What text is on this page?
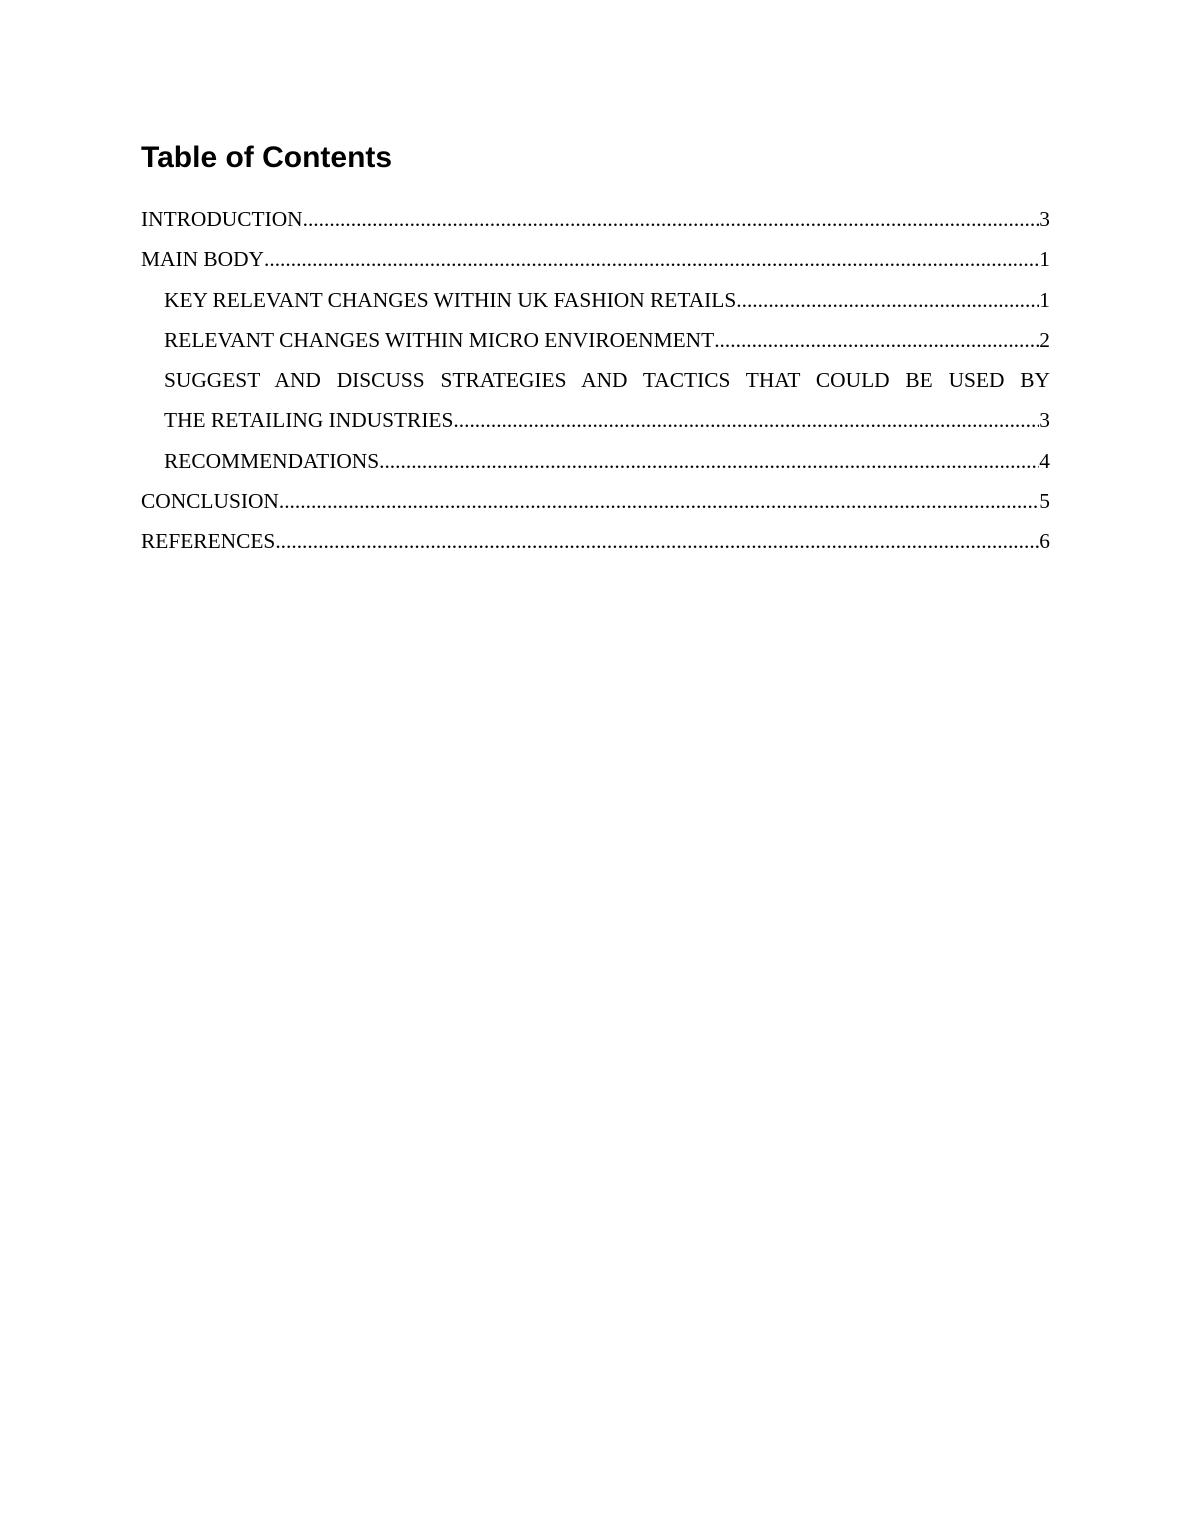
Table of Contents
INTRODUCTION .....	3
MAIN BODY .....	1
KEY RELEVANT CHANGES WITHIN UK FASHION RETAILS .....	1
RELEVANT CHANGES WITHIN MICRO ENVIROENMENT .....	2
SUGGEST AND DISCUSS STRATEGIES AND TACTICS THAT COULD BE USED BY
THE RETAILING INDUSTRIES .....	3
RECOMMENDATIONS .....	4
CONCLUSION .....	5
REFERENCES .....	6
